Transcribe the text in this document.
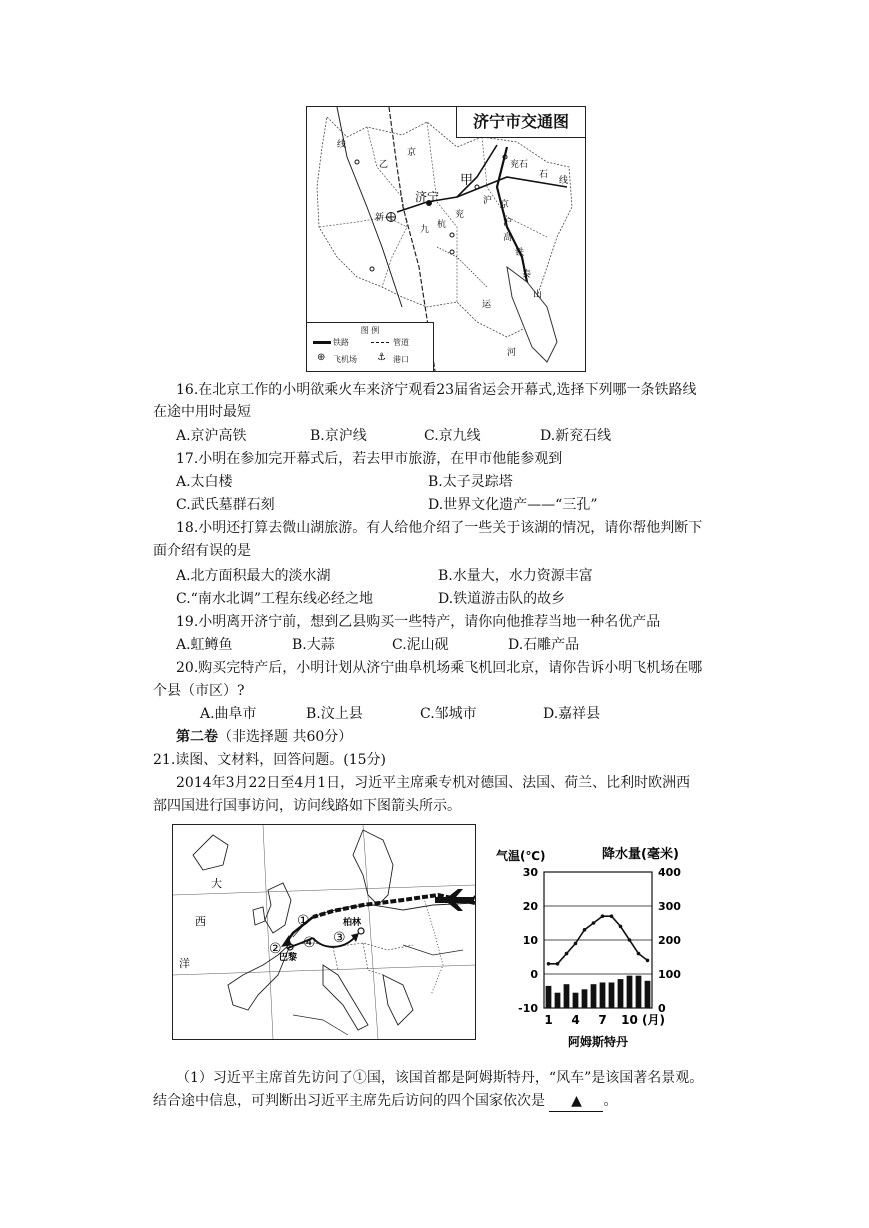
济宁
甲
乙
新
京
京
沪
沪
高
铁
石
线
兖石
杭
九
泰
山
运
河
线
兖
济宁市交通图
图 例
铁路	管道
⊕ 飞机场 ⚓ 港口
16.在北京工作的小明欲乘火车来济宁观看23届省运会开幕式,选择下列哪一条铁路线
在途中用时最短
A.京沪高铁	B.京沪线	C.京九线	D.新兖石线
17.小明在参加完开幕式后，若去甲市旅游，在甲市他能参观到
A.太白楼	B.太子灵踪塔
C.武氏墓群石刻	D.世界文化遗产——“三孔”
18.小明还打算去微山湖旅游。有人给他介绍了一些关于该湖的情况，请你帮他判断下
面介绍有误的是
A.北方面积最大的淡水湖	B.水量大，水力资源丰富
C.“南水北调”工程东线必经之地	D.铁道游击队的故乡
19.小明离开济宁前，想到乙县购买一些特产，请你向他推荐当地一种名优产品
A.虹鳟鱼	B.大蒜	C.泥山砚	D.石雕产品
20.购买完特产后，小明计划从济宁曲阜机场乘飞机回北京，请你告诉小明飞机场在哪
个县（市区）?
A.曲阜市	B.汶上县	C.邹城市	D.嘉祥县
第二卷（非选择题 共60分）
21.读图、文材料，回答问题。(15分)
2014年3月22日至4月1日，习近平主席乘专机对德国、法国、荷兰、比利时欧洲西
部四国进行国事访问，访问线路如下图箭头所示。
大
西
洋
柏林
巴黎
①
②
③
④
气温(℃)	降水量(毫米)
30
20
10
0
-10
400
300
200
100
0
1 4 7 10 (月)
阿姆斯特丹
（1）习近平主席首先访问了①国，该国首都是阿姆斯特丹，“风车”是该国著名景观。
结合途中信息，可判断出习近平主席先后访问的四个国家依次是 ▲ 。
